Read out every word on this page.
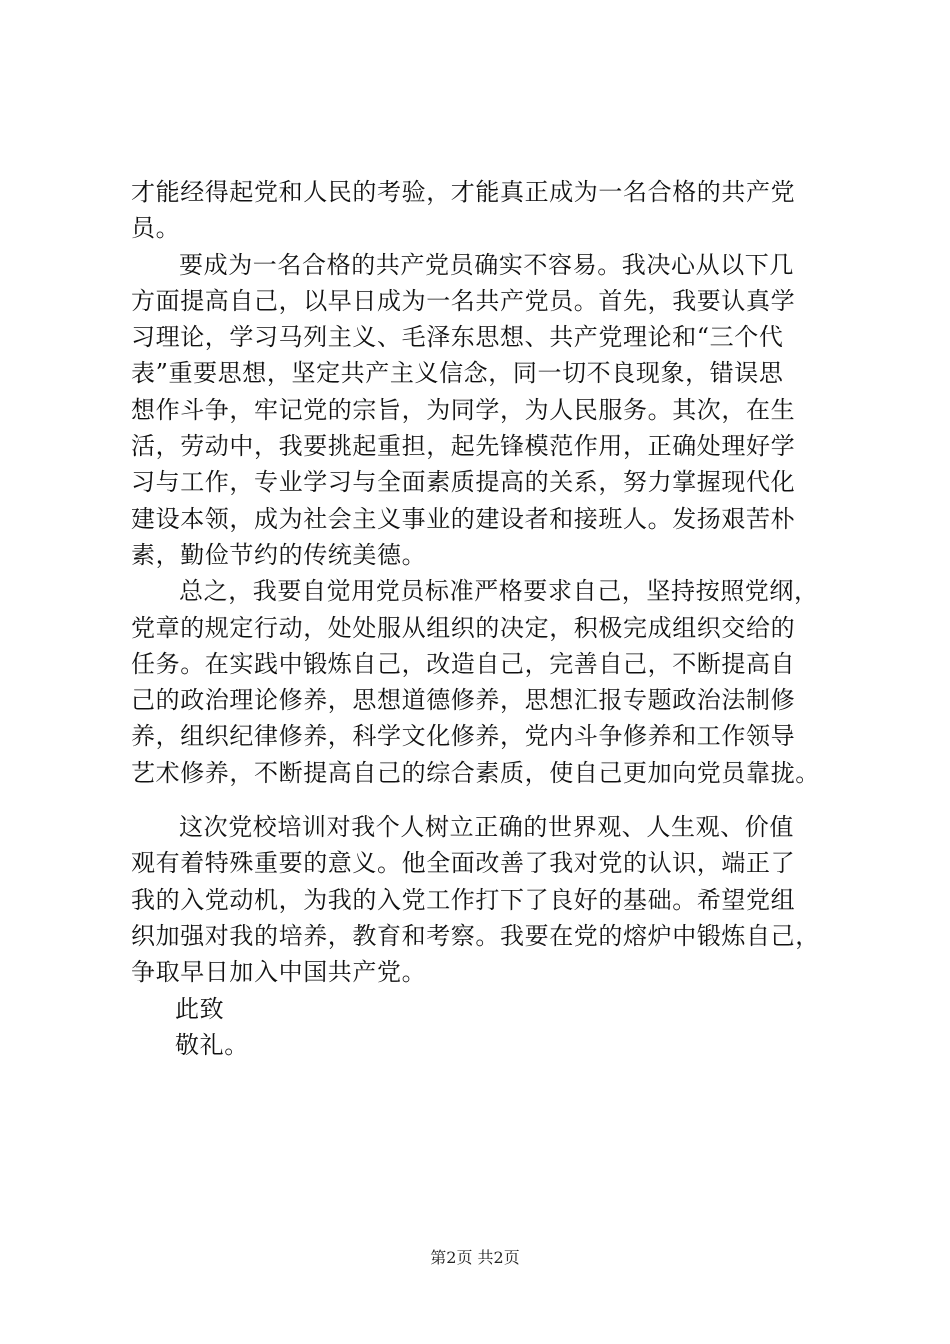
才能经得起党和人民的考验，才能真正成为一名合格的共产党
员。
要成为一名合格的共产党员确实不容易。我决心从以下几
方面提高自己，以早日成为一名共产党员。首先，我要认真学
习理论，学习马列主义、毛泽东思想、共产党理论和“三个代
表”重要思想，坚定共产主义信念，同一切不良现象，错误思
想作斗争，牢记党的宗旨，为同学，为人民服务。其次，在生
活，劳动中，我要挑起重担，起先锋模范作用，正确处理好学
习与工作，专业学习与全面素质提高的关系，努力掌握现代化
建设本领，成为社会主义事业的建设者和接班人。发扬艰苦朴
素，勤俭节约的传统美德。
总之，我要自觉用党员标准严格要求自己，坚持按照党纲，
党章的规定行动，处处服从组织的决定，积极完成组织交给的
任务。在实践中锻炼自己，改造自己，完善自己，不断提高自
己的政治理论修养，思想道德修养，思想汇报专题政治法制修
养，组织纪律修养，科学文化修养，党内斗争修养和工作领导
艺术修养，不断提高自己的综合素质，使自己更加向党员靠拢。
这次党校培训对我个人树立正确的世界观、人生观、价值
观有着特殊重要的意义。他全面改善了我对党的认识，端正了
我的入党动机，为我的入党工作打下了良好的基础。希望党组
织加强对我的培养，教育和考察。我要在党的熔炉中锻炼自己，
争取早日加入中国共产党。
此致
敬礼。
第2页 共2页
